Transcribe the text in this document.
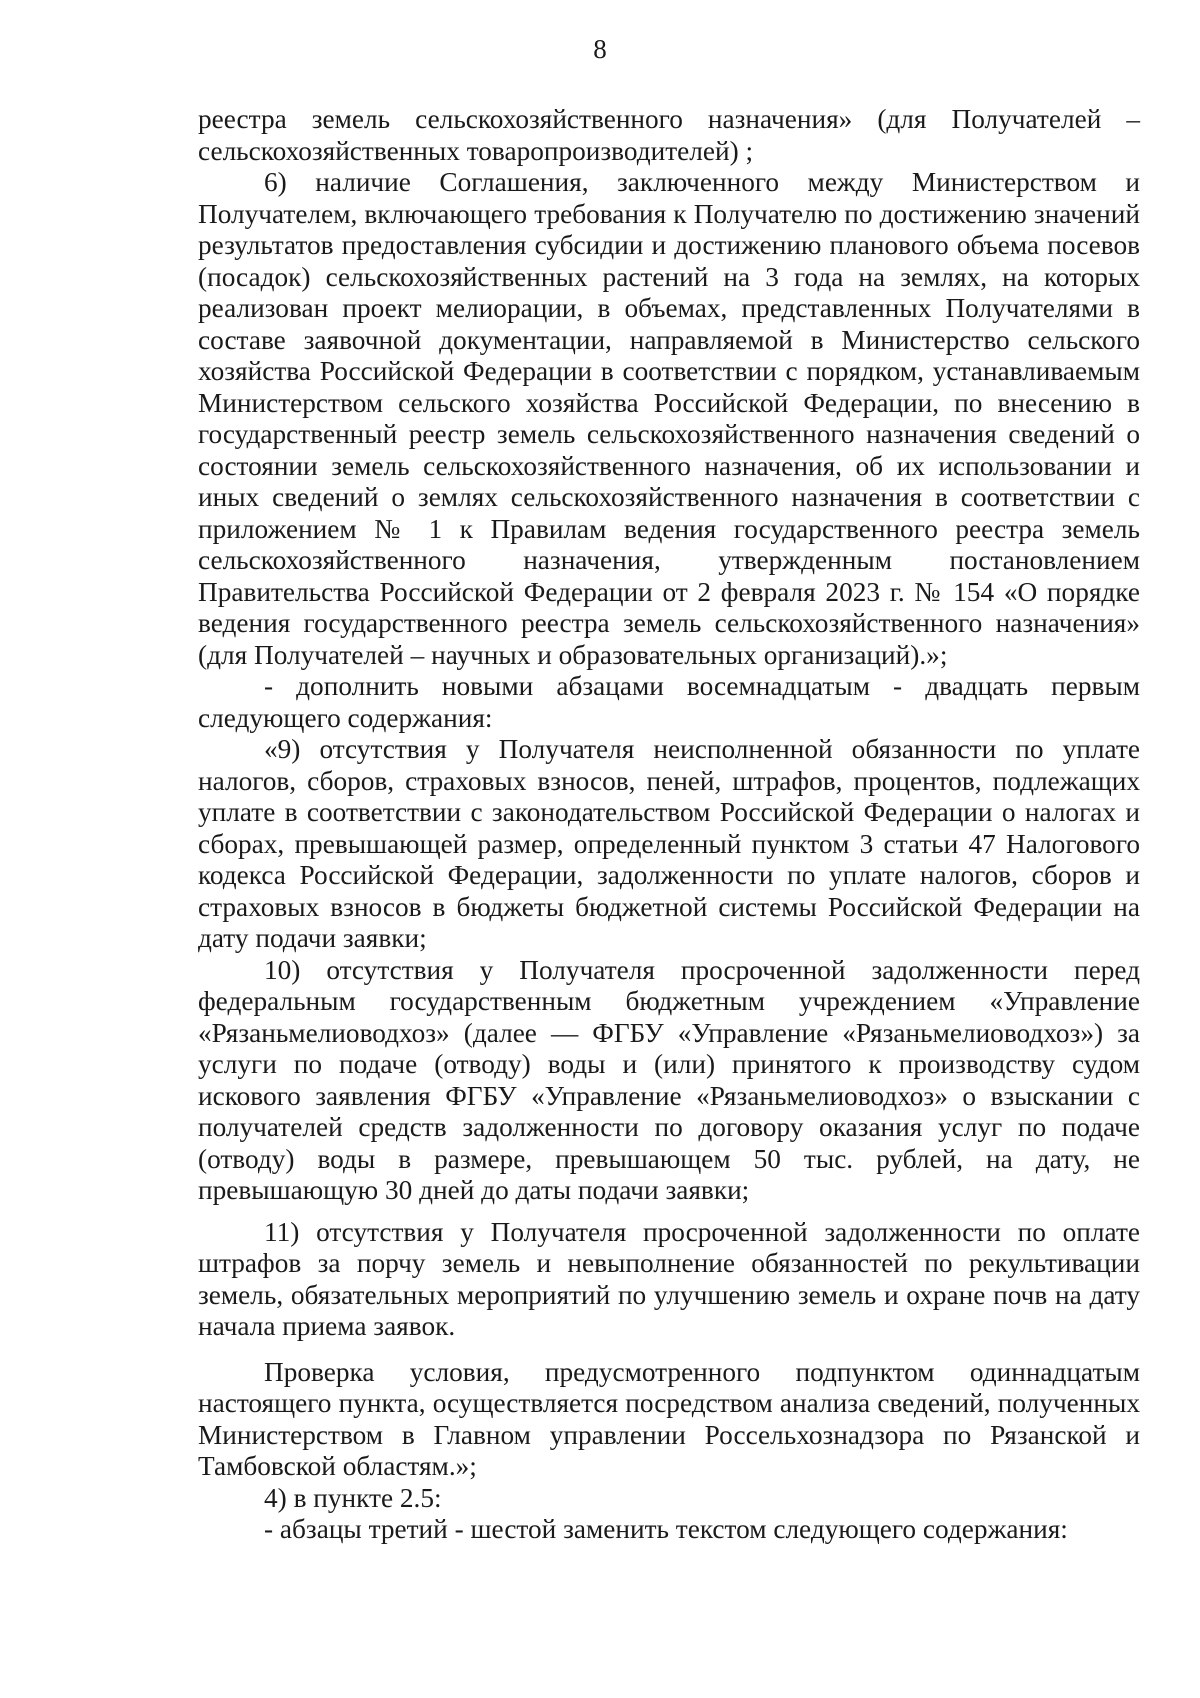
8

реестра земель сельскохозяйственного назначения» (для Получателей – сельскохозяйственных товаропроизводителей) ;

6) наличие Соглашения, заключенного между Министерством и Получателем, включающего требования к Получателю по достижению значений результатов предоставления субсидии и достижению планового объема посевов (посадок) сельскохозяйственных растений на 3 года на землях, на которых реализован проект мелиорации, в объемах, представленных Получателями в составе заявочной документации, направляемой в Министерство сельского хозяйства Российской Федерации в соответствии с порядком, устанавливаемым Министерством сельского хозяйства Российской Федерации, по внесению в государственный реестр земель сельскохозяйственного назначения сведений о состоянии земель сельскохозяйственного назначения, об их использовании и иных сведений о землях сельскохозяйственного назначения в соответствии с приложением № 1 к Правилам ведения государственного реестра земель сельскохозяйственного назначения, утвержденным постановлением Правительства Российской Федерации от 2 февраля 2023 г. № 154 «О порядке ведения государственного реестра земель сельскохозяйственного назначения» (для Получателей – научных и образовательных организаций).»;

- дополнить новыми абзацами восемнадцатым - двадцать первым следующего содержания:

«9) отсутствия у Получателя неисполненной обязанности по уплате налогов, сборов, страховых взносов, пеней, штрафов, процентов, подлежащих уплате в соответствии с законодательством Российской Федерации о налогах и сборах, превышающей размер, определенный пунктом 3 статьи 47 Налогового кодекса Российской Федерации, задолженности по уплате налогов, сборов и страховых взносов в бюджеты бюджетной системы Российской Федерации на дату подачи заявки;

10) отсутствия у Получателя просроченной задолженности перед федеральным государственным бюджетным учреждением «Управление «Рязаньмелиоводхоз» (далее — ФГБУ «Управление «Рязаньмелиоводхоз») за услуги по подаче (отводу) воды и (или) принятого к производству судом искового заявления ФГБУ «Управление «Рязаньмелиоводхоз» о взыскании с получателей средств задолженности по договору оказания услуг по подаче (отводу) воды в размере, превышающем 50 тыс. рублей, на дату, не превышающую 30 дней до даты подачи заявки;

11) отсутствия у Получателя просроченной задолженности по оплате штрафов за порчу земель и невыполнение обязанностей по рекультивации земель, обязательных мероприятий по улучшению земель и охране почв на дату начала приема заявок.

Проверка условия, предусмотренного подпунктом одиннадцатым настоящего пункта, осуществляется посредством анализа сведений, полученных Министерством в Главном управлении Россельхознадзора по Рязанской и Тамбовской областям.»;

4) в пункте 2.5:

- абзацы третий - шестой заменить текстом следующего содержания:
